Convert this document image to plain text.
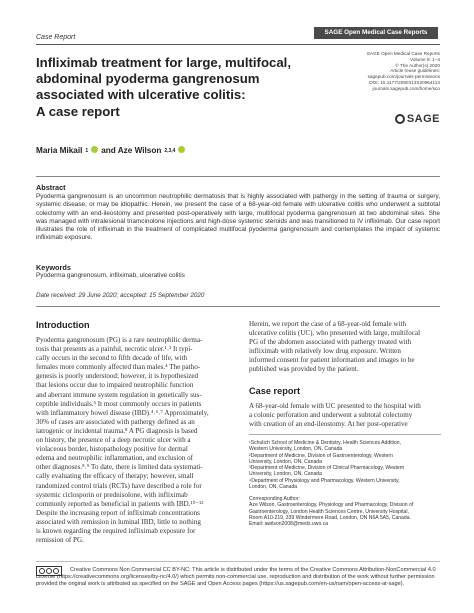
Case Report
SAGE Open Medical Case Reports
Infliximab treatment for large, multifocal,
abdominal pyoderma gangrenosum
associated with ulcerative colitis:
A case report
SAGE Open Medical Case Reports
Volume 8: 1–4
© The Author(s) 2020
Article reuse guidelines:
sagepub.com/journals-permissions
DOI: 10.1177/2050313X20964113
journals.sagepub.com/home/sco
SAGE
Maria Mikail 1 and Aze Wilson 2,3,4
Abstract
Pyoderma gangrenosum is an uncommon neutrophilic dermatosis that is highly associated with pathergy in the setting of trauma or surgery, systemic disease, or may be idiopathic. Herein, we present the case of a 68-year-old female with ulcerative colitis who underwent a subtotal colectomy with an end-ileostomy and presented post-operatively with large, multifocal pyoderma gangrenosum at two abdominal sites. She was managed with intralesional triamcinolone injections and high-dose systemic steroids and was transitioned to IV infliximab. Our case report illustrates the role of infliximab in the treatment of complicated multifocal pyoderma gangrenosum and contemplates the impact of systemic infliximab exposure.
Keywords
Pyoderma gangrenosum, infliximab, ulcerative colitis
Date received: 29 June 2020; accepted: 15 September 2020
Introduction
Pyoderma gangrenosum (PG) is a rare neutrophilic derma-
tosis that presents as a painful, necrotic ulcer.¹˒³ It typi-
cally occurs in the second to fifth decade of life, with
females more commonly affected than males.⁴ The patho-
genesis is poorly understood; however, it is hypothesized
that lesions occur due to impaired neutrophilic function
and aberrant immune system regulation in genetically sus-
ceptible individuals.⁵ It most commonly occurs in patients
with inflammatory bowel disease (IBD).⁴˒⁶˒⁷ Approximately,
30% of cases are associated with pathergy defined as an
iatrogenic or incidental trauma.⁸ A PG diagnosis is based
on history, the presence of a deep necrotic ulcer with a
violaceous border, histopathology positive for dermal
edema and neutrophilic inflammation, and exclusion of
other diagnoses.⁸˒⁹ To date, there is limited data systemati-
cally evaluating the efficacy of therapy; however, small
randomized control trials (RCTs) have described a role for
systemic ciclosporin or prednisolone, with infliximab
commonly reported as beneficial in patients with IBD.¹⁰⁻¹²
Despite the increasing report of infliximab concentrations
associated with remission in luminal IBD, little to nothing
is known regarding the required infliximab exposure for
remission of PG.
Herein, we report the case of a 68-year-old female with
ulcerative colitis (UC), who presented with large, multifocal
PG of the abdomen associated with pathergy treated with
infliximab with relatively low drug exposure. Written
informed consent for patient information and images to be
published was provided by the patient.
Case report
A 68-year-old female with UC presented to the hospital with
a colonic perforation and underwent a subtotal colectomy
with creation of an end-ileostomy. At her post-operative
¹Schulich School of Medicine & Dentistry, Health Sciences Addition,
Western University, London, ON, Canada
²Department of Medicine, Division of Gastroenterology, Western
University, London, ON, Canada
³Department of Medicine, Division of Clinical Pharmacology, Western
University, London, ON, Canada
⁴Department of Physiology and Pharmacology, Western University,
London, ON, Canada
Corresponding Author:
Aze Wilson, Gastroenterology, Physiology and Pharmacology, Division of
Gastroenterology, London Health Sciences Centre, University Hospital,
Room A10-219, 339 Windermere Road, London, ON N6A 5A5, Canada.
Email: awilson2008@meds.uwo.ca
Creative Commons Non Commercial CC BY-NC: This article is distributed under the terms of the Creative Commons Attribution-NonCommercial 4.0 License (https://creativecommons.org/licenses/by-nc/4.0/) which permits non-commercial use, reproduction and distribution of the work without further permission provided the original work is attributed as specified on the SAGE and Open Access pages (https://us.sagepub.com/en-us/nam/open-access-at-sage).
